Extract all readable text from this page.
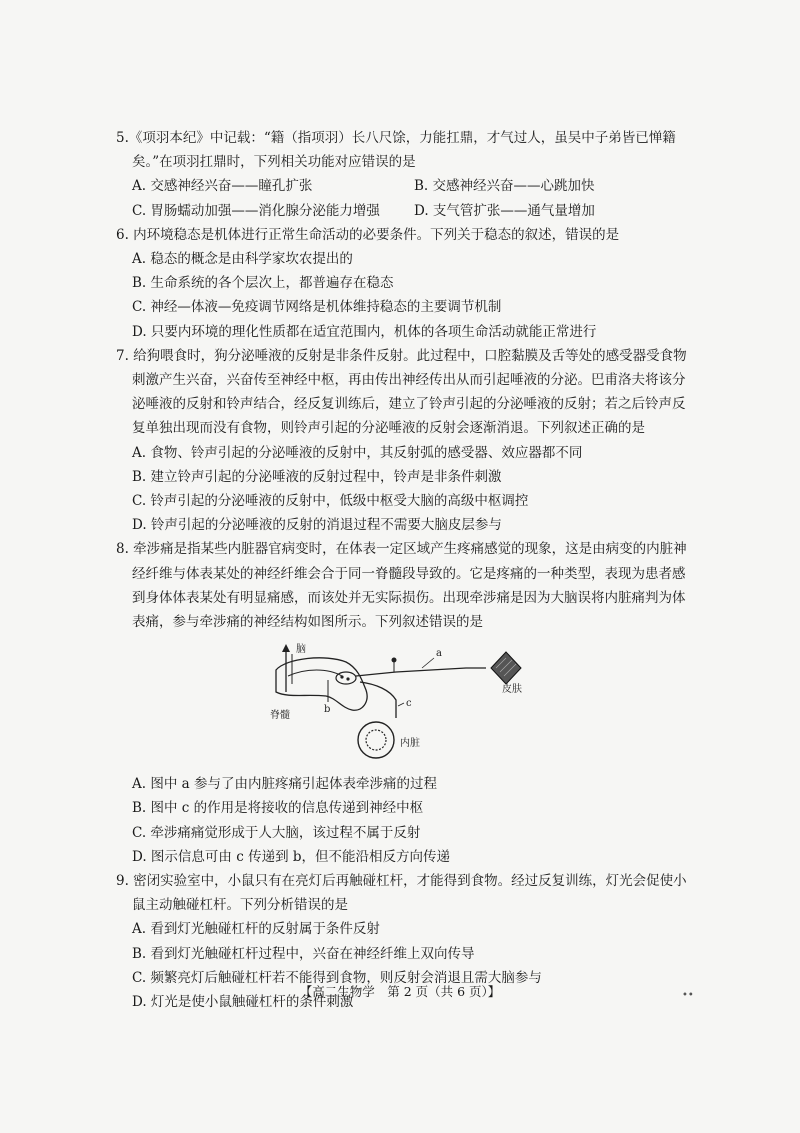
5.《项羽本纪》中记载：“籍（指项羽）长八尺馀，力能扛鼎，才气过人，虽吴中子弟皆已惮籍矣。”在项羽扛鼎时，下列相关功能对应错误的是
A. 交感神经兴奋——瞳孔扩张	B. 交感神经兴奋——心跳加快
C. 胃肠蠕动加强——消化腺分泌能力增强	D. 支气管扩张——通气量增加
6. 内环境稳态是机体进行正常生命活动的必要条件。下列关于稳态的叙述，错误的是
A. 稳态的概念是由科学家坎农提出的
B. 生命系统的各个层次上，都普遍存在稳态
C. 神经—体液—免疫调节网络是机体维持稳态的主要调节机制
D. 只要内环境的理化性质都在适宜范围内，机体的各项生命活动就能正常进行
7. 给狗喂食时，狗分泌唾液的反射是非条件反射。此过程中，口腔黏膜及舌等处的感受器受食物刺激产生兴奋，兴奋传至神经中枢，再由传出神经传出从而引起唾液的分泌。巴甫洛夫将该分泌唾液的反射和铃声结合，经反复训练后，建立了铃声引起的分泌唾液的反射；若之后铃声反复单独出现而没有食物，则铃声引起的分泌唾液的反射会逐渐消退。下列叙述正确的是
A. 食物、铃声引起的分泌唾液的反射中，其反射弧的感受器、效应器都不同
B. 建立铃声引起的分泌唾液的反射过程中，铃声是非条件刺激
C. 铃声引起的分泌唾液的反射中，低级中枢受大脑的高级中枢调控
D. 铃声引起的分泌唾液的反射的消退过程不需要大脑皮层参与
8. 牵涉痛是指某些内脏器官病变时，在体表一定区域产生疼痛感觉的现象，这是由病变的内脏神经纤维与体表某处的神经纤维会合于同一脊髓段导致的。它是疼痛的一种类型，表现为患者感到身体体表某处有明显痛感，而该处并无实际损伤。出现牵涉痛是因为大脑误将内脏痛判为体表痛，参与牵涉痛的神经结构如图所示。下列叙述错误的是
脑
脊髓
b
a
皮肤
c
内脏
A. 图中 a 参与了由内脏疼痛引起体表牵涉痛的过程
B. 图中 c 的作用是将接收的信息传递到神经中枢
C. 牵涉痛痛觉形成于人大脑，该过程不属于反射
D. 图示信息可由 c 传递到 b，但不能沿相反方向传递
9. 密闭实验室中，小鼠只有在亮灯后再触碰杠杆，才能得到食物。经过反复训练，灯光会促使小鼠主动触碰杠杆。下列分析错误的是
A. 看到灯光触碰杠杆的反射属于条件反射
B. 看到灯光触碰杠杆过程中，兴奋在神经纤维上双向传导
C. 频繁亮灯后触碰杠杆若不能得到食物，则反射会消退且需大脑参与
D. 灯光是使小鼠触碰杠杆的条件刺激
【高二生物学　第 2 页（共 6 页）】	••
